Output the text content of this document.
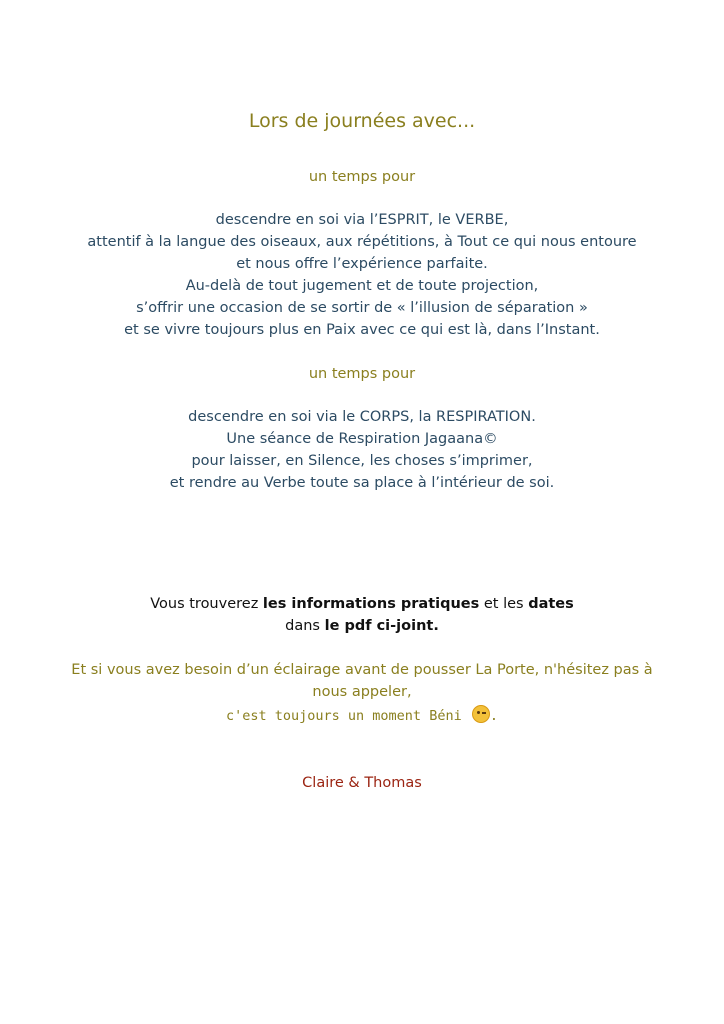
Lors de journées avec...
un temps pour
descendre en soi via l’ESPRIT, le VERBE,
attentif à la langue des oiseaux, aux répétitions, à Tout ce qui nous entoure
et nous offre l’expérience parfaite.
Au-delà de tout jugement et de toute projection,
s’offrir une occasion de se sortir de « l’illusion de séparation »
et se vivre toujours plus en Paix avec ce qui est là, dans l’Instant.
un temps pour
descendre en soi via le CORPS, la RESPIRATION.
Une séance de Respiration Jagaana©
pour laisser, en Silence, les choses s’imprimer,
et rendre au Verbe toute sa place à l’intérieur de soi.
Vous trouverez les informations pratiques et les dates
dans le pdf ci-joint.
Et si vous avez besoin d’un éclairage avant de pousser La Porte, n'hésitez pas à
nous appeler,
c'est toujours un moment Béni .
Claire & Thomas
